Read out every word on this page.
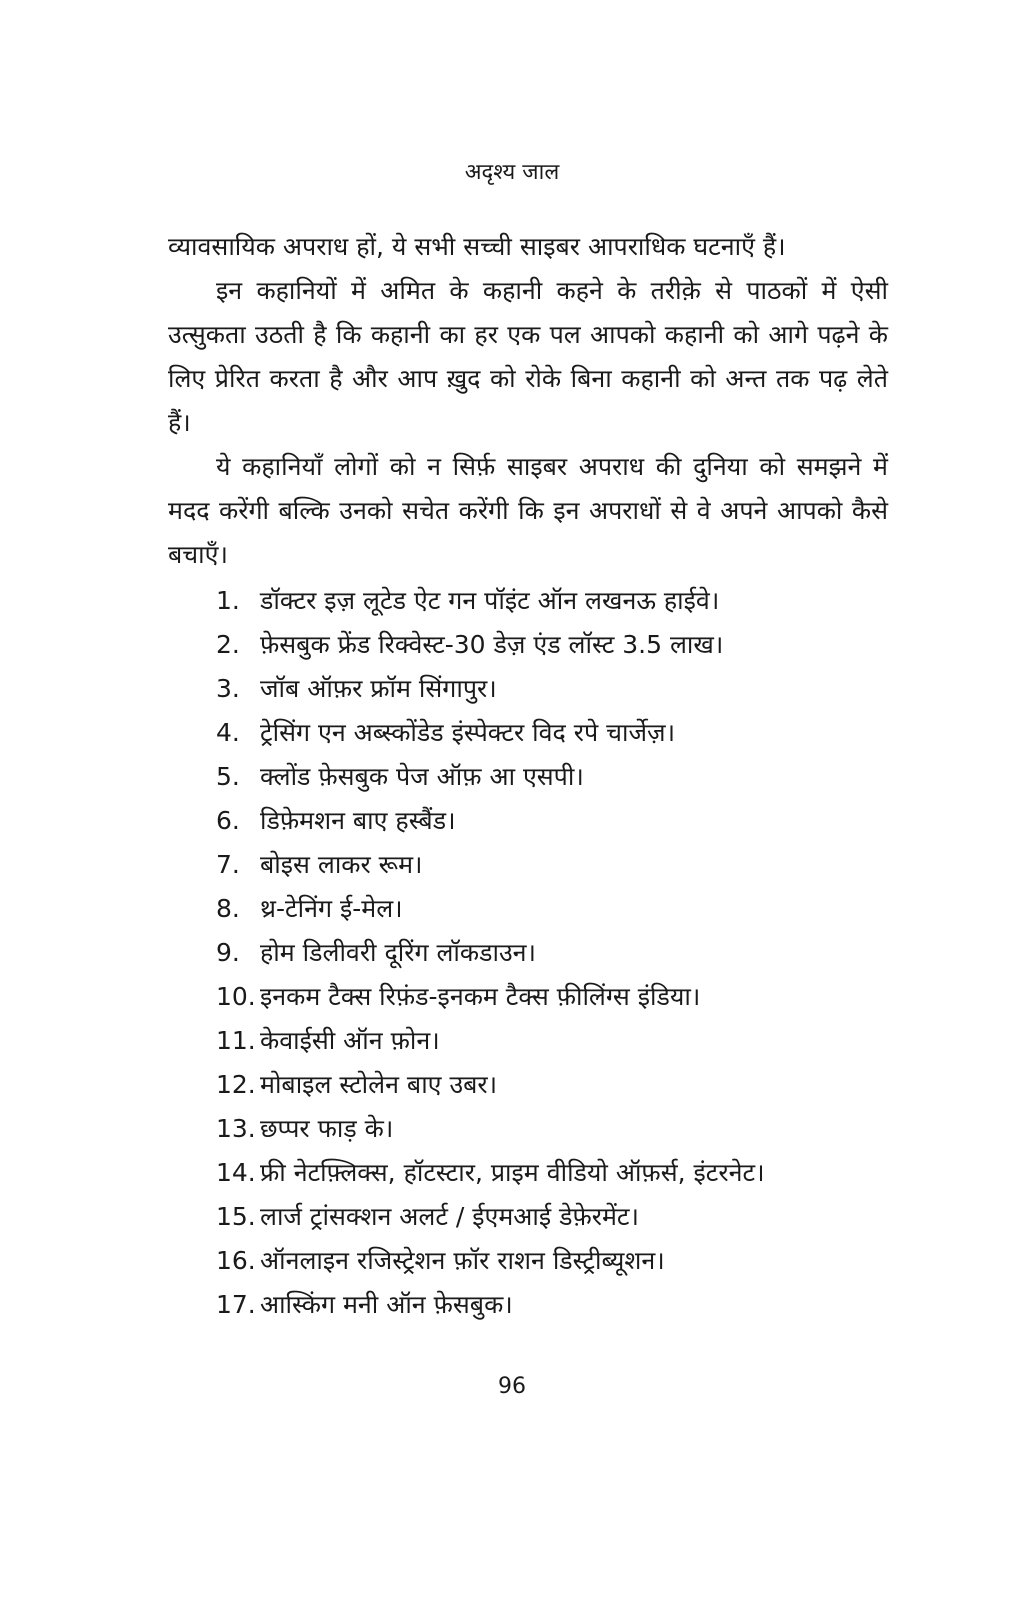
अदृश्य जाल

व्यावसायिक अपराध हों, ये सभी सच्ची साइबर आपराधिक घटनाएँ हैं।

इन कहानियों में अमित के कहानी कहने के तरीक़े से पाठकों में ऐसी उत्सुकता उठती है कि कहानी का हर एक पल आपको कहानी को आगे पढ़ने के लिए प्रेरित करता है और आप ख़ुद को रोके बिना कहानी को अन्त तक पढ़ लेते हैं।

ये कहानियाँ लोगों को न सिर्फ़ साइबर अपराध की दुनिया को समझने में मदद करेंगी बल्कि उनको सचेत करेंगी कि इन अपराधों से वे अपने आपको कैसे बचाएँ।

1. डॉक्टर इज़ लूटेड ऐट गन पॉइंट ऑन लखनऊ हाईवे।
2. फ़ेसबुक फ्रेंड रिक्वेस्ट-30 डेज़ एंड लॉस्ट 3.5 लाख।
3. जॉब ऑफ़र फ्रॉम सिंगापुर।
4. ट्रेसिंग एन अब्स्कोंडेड इंस्पेक्टर विद रपे चार्जेज़।
5. क्लोंड फ़ेसबुक पेज ऑफ़ आ एसपी।
6. डिफ़ेमशन बाए हस्बैंड।
7. बोइस लाकर रूम।
8. थ्र-टेनिंग ई-मेल।
9. होम डिलीवरी दूरिंग लॉकडाउन।
10. इनकम टैक्स रिफ़ंड-इनकम टैक्स फ़ीलिंग्स इंडिया।
11. केवाईसी ऑन फ़ोन।
12. मोबाइल स्टोलेन बाए उबर।
13. छप्पर फाड़ के।
14. फ्री नेटफ़्लिक्स, हॉटस्टार, प्राइम वीडियो ऑफ़र्स, इंटरनेट।
15. लार्ज ट्रांसक्शन अलर्ट / ईएमआई डेफ़ेरमेंट।
16. ऑनलाइन रजिस्ट्रेशन फ़ॉर राशन डिस्ट्रीब्यूशन।
17. आस्किंग मनी ऑन फ़ेसबुक।
96
